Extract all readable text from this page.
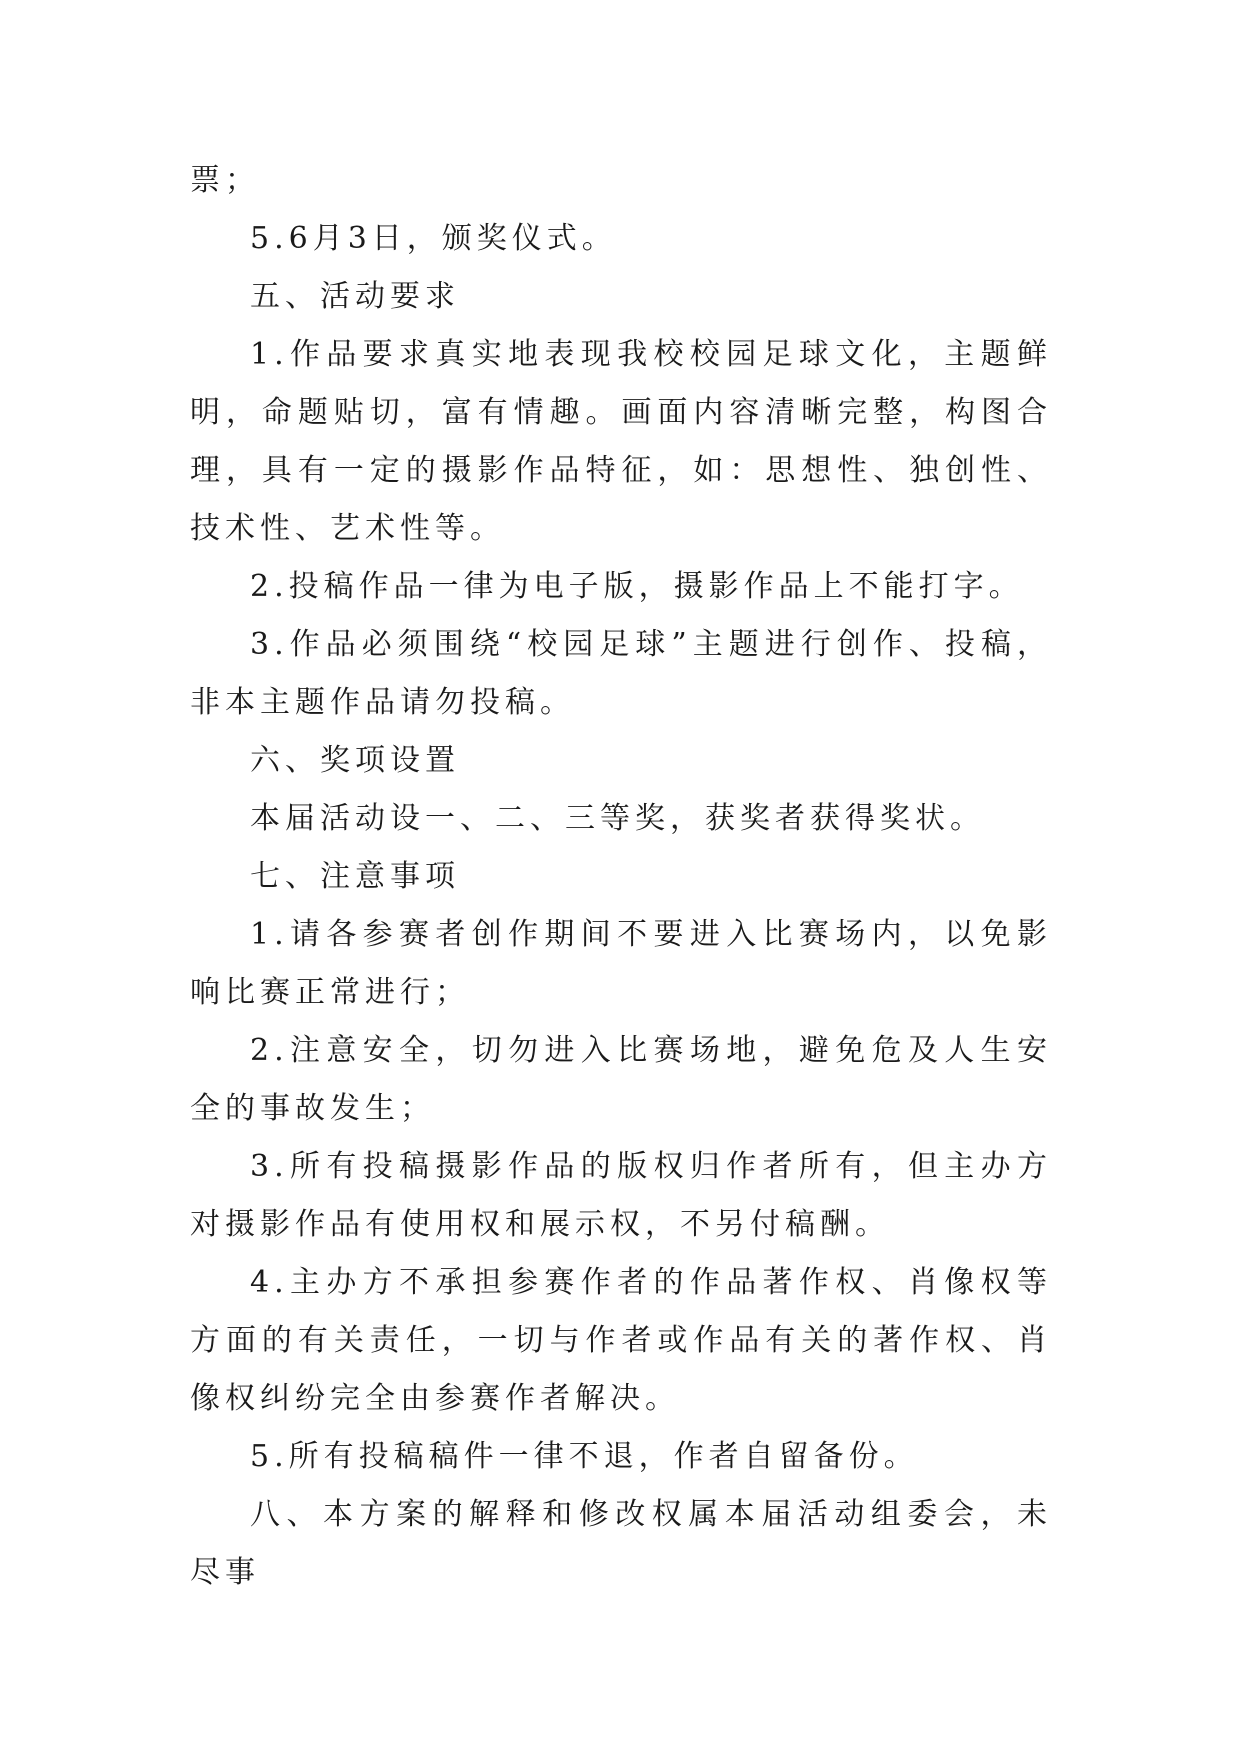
票；

5.6月3日，颁奖仪式。

五、活动要求

1.作品要求真实地表现我校校园足球文化，主题鲜明，命题贴切，富有情趣。画面内容清晰完整，构图合理，具有一定的摄影作品特征，如：思想性、独创性、技术性、艺术性等。

2.投稿作品一律为电子版，摄影作品上不能打字。

3.作品必须围绕“校园足球”主题进行创作、投稿，非本主题作品请勿投稿。

六、奖项设置

本届活动设一、二、三等奖，获奖者获得奖状。

七、注意事项

1.请各参赛者创作期间不要进入比赛场内，以免影响比赛正常进行；

2.注意安全，切勿进入比赛场地，避免危及人生安全的事故发生；

3.所有投稿摄影作品的版权归作者所有，但主办方对摄影作品有使用权和展示权，不另付稿酬。

4.主办方不承担参赛作者的作品著作权、肖像权等方面的有关责任，一切与作者或作品有关的著作权、肖像权纠纷完全由参赛作者解决。

5.所有投稿稿件一律不退，作者自留备份。

八、本方案的解释和修改权属本届活动组委会，未尽事
